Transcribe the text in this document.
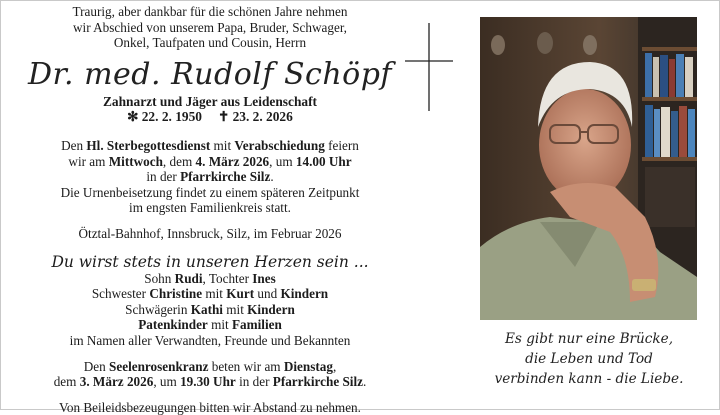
Traurig, aber dankbar für die schönen Jahre nehmen
wir Abschied von unserem Papa, Bruder, Schwager,
Onkel, Taufpaten und Cousin, Herrn
Dr. med. Rudolf Schöpf
Zahnarzt und Jäger aus Leidenschaft
✻ 22. 2. 1950 ✝ 23. 2. 2026
Den Hl. Sterbegottesdienst mit Verabschiedung feiern
wir am Mittwoch, dem 4. März 2026, um 14.00 Uhr
in der Pfarrkirche Silz.
Die Urnenbeisetzung findet zu einem späteren Zeitpunkt
im engsten Familienkreis statt.
Ötztal-Bahnhof, Innsbruck, Silz, im Februar 2026
Du wirst stets in unseren Herzen sein ...
Sohn Rudi, Tochter Ines
Schwester Christine mit Kurt und Kindern
Schwägerin Kathi mit Kindern
Patenkinder mit Familien
im Namen aller Verwandten, Freunde und Bekannten
Den Seelenrosenkranz beten wir am Dienstag,
dem 3. März 2026, um 19.30 Uhr in der Pfarrkirche Silz.
Von Beileidsbezeugungen bitten wir Abstand zu nehmen.
Es gibt nur eine Brücke,
die Leben und Tod
verbinden kann - die Liebe.
